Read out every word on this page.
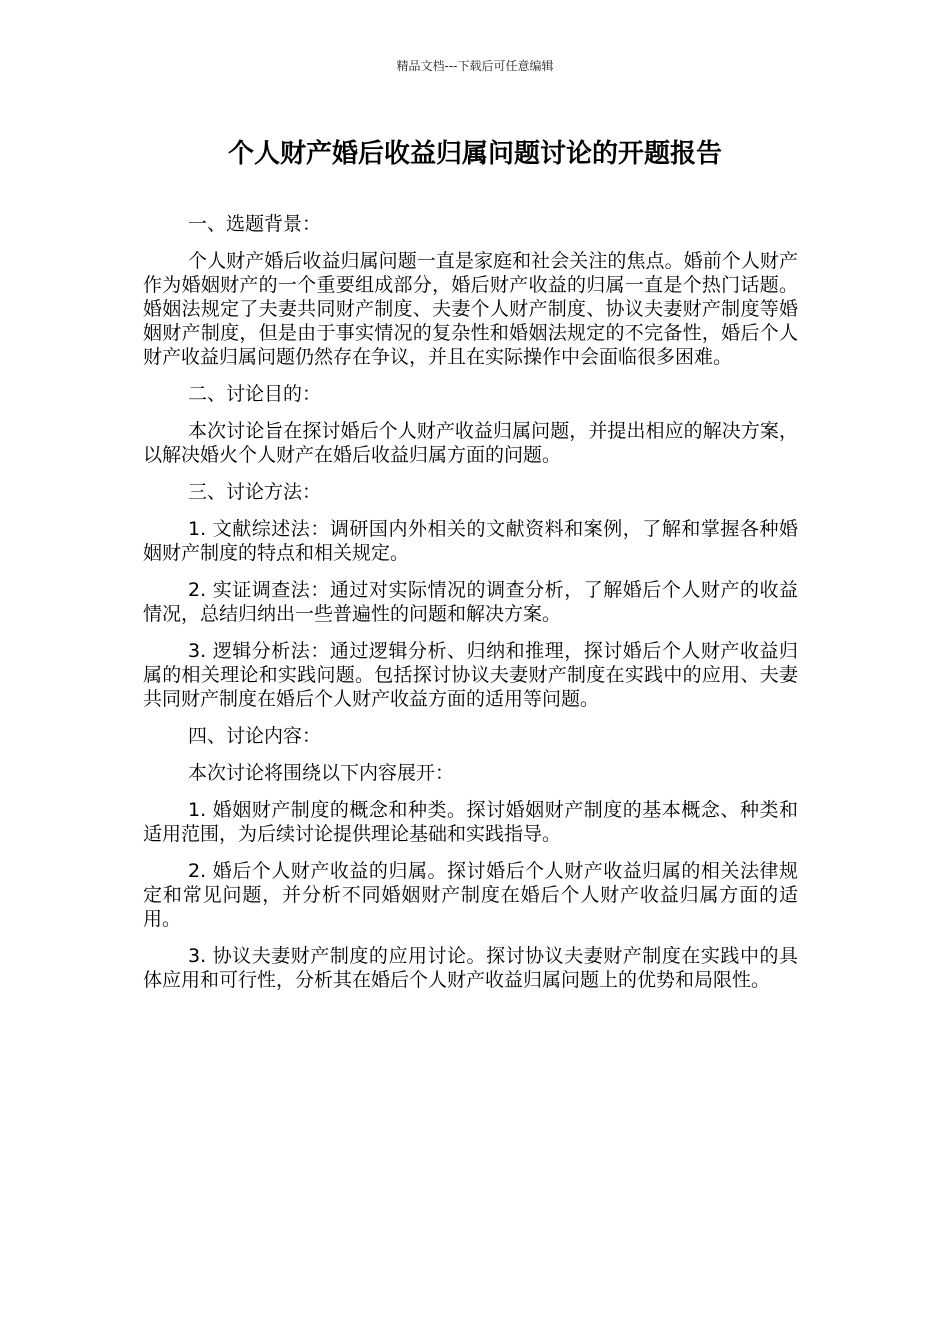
精品文档---下载后可任意编辑
个人财产婚后收益归属问题讨论的开题报告

一、选题背景：

个人财产婚后收益归属问题一直是家庭和社会关注的焦点。婚前个人财产作为婚姻财产的一个重要组成部分，婚后财产收益的归属一直是个热门话题。婚姻法规定了夫妻共同财产制度、夫妻个人财产制度、协议夫妻财产制度等婚姻财产制度，但是由于事实情况的复杂性和婚姻法规定的不完备性，婚后个人财产收益归属问题仍然存在争议，并且在实际操作中会面临很多困难。

二、讨论目的：

本次讨论旨在探讨婚后个人财产收益归属问题，并提出相应的解决方案，以解决婚火个人财产在婚后收益归属方面的问题。

三、讨论方法：

1. 文献综述法：调研国内外相关的文献资料和案例，了解和掌握各种婚姻财产制度的特点和相关规定。

2. 实证调查法：通过对实际情况的调查分析，了解婚后个人财产的收益情况，总结归纳出一些普遍性的问题和解决方案。

3. 逻辑分析法：通过逻辑分析、归纳和推理，探讨婚后个人财产收益归属的相关理论和实践问题。包括探讨协议夫妻财产制度在实践中的应用、夫妻共同财产制度在婚后个人财产收益方面的适用等问题。

四、讨论内容：

本次讨论将围绕以下内容展开：

1. 婚姻财产制度的概念和种类。探讨婚姻财产制度的基本概念、种类和适用范围，为后续讨论提供理论基础和实践指导。

2. 婚后个人财产收益的归属。探讨婚后个人财产收益归属的相关法律规定和常见问题，并分析不同婚姻财产制度在婚后个人财产收益归属方面的适用。

3. 协议夫妻财产制度的应用讨论。探讨协议夫妻财产制度在实践中的具体应用和可行性，分析其在婚后个人财产收益归属问题上的优势和局限性。
